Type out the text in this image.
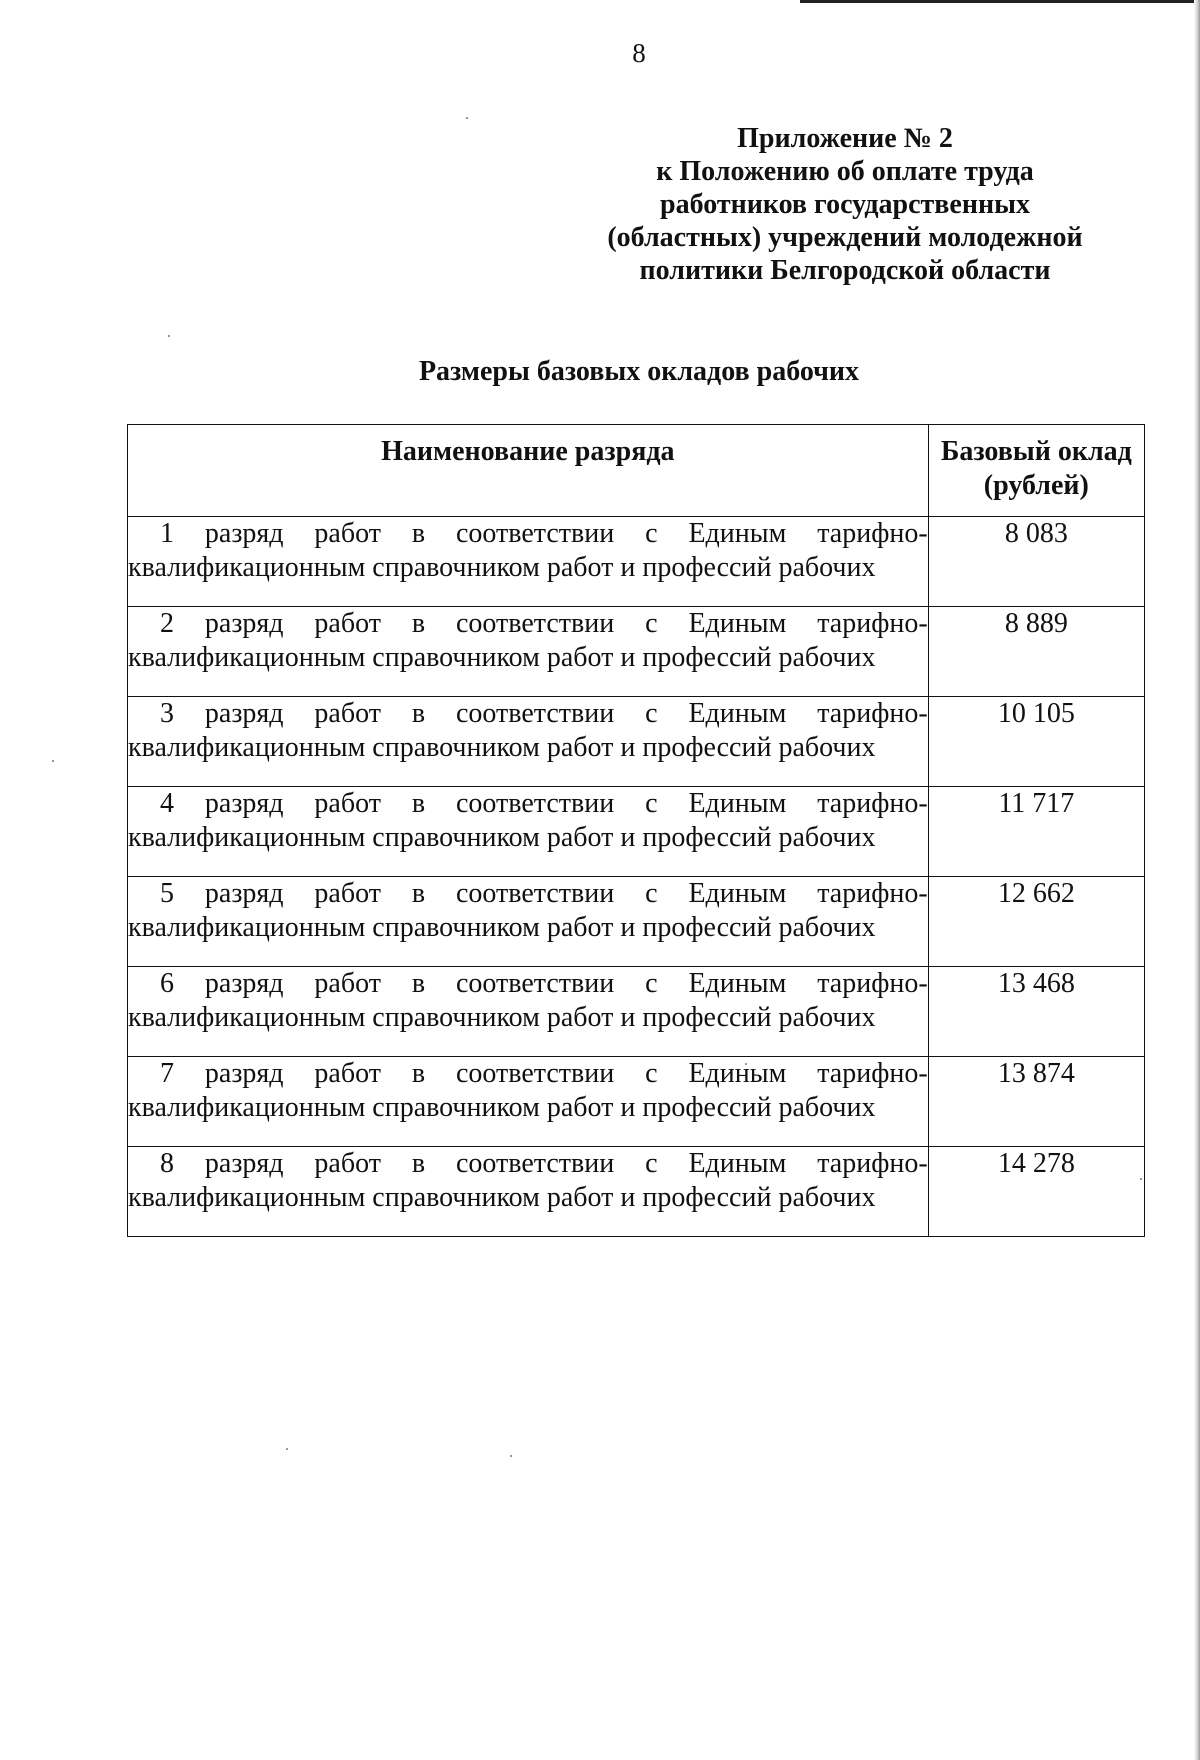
8
Приложение № 2
к Положению об оплате труда
работников государственных
(областных) учреждений молодежной
политики Белгородской области
Размеры базовых окладов рабочих
Наименование разряда	Базовый оклад
(рублей)

1 разряд работ в соответствии с Единым тарифно-
квалификационным справочником работ и профессий рабочих	8 083

2 разряд работ в соответствии с Единым тарифно-
квалификационным справочником работ и профессий рабочих	8 889

3 разряд работ в соответствии с Единым тарифно-
квалификационным справочником работ и профессий рабочих	10 105

4 разряд работ в соответствии с Единым тарифно-
квалификационным справочником работ и профессий рабочих	11 717

5 разряд работ в соответствии с Единым тарифно-
квалификационным справочником работ и профессий рабочих	12 662

6 разряд работ в соответствии с Единым тарифно-
квалификационным справочником работ и профессий рабочих	13 468

7 разряд работ в соответствии с Единым тарифно-
квалификационным справочником работ и профессий рабочих	13 874

8 разряд работ в соответствии с Единым тарифно-
квалификационным справочником работ и профессий рабочих	14 278
